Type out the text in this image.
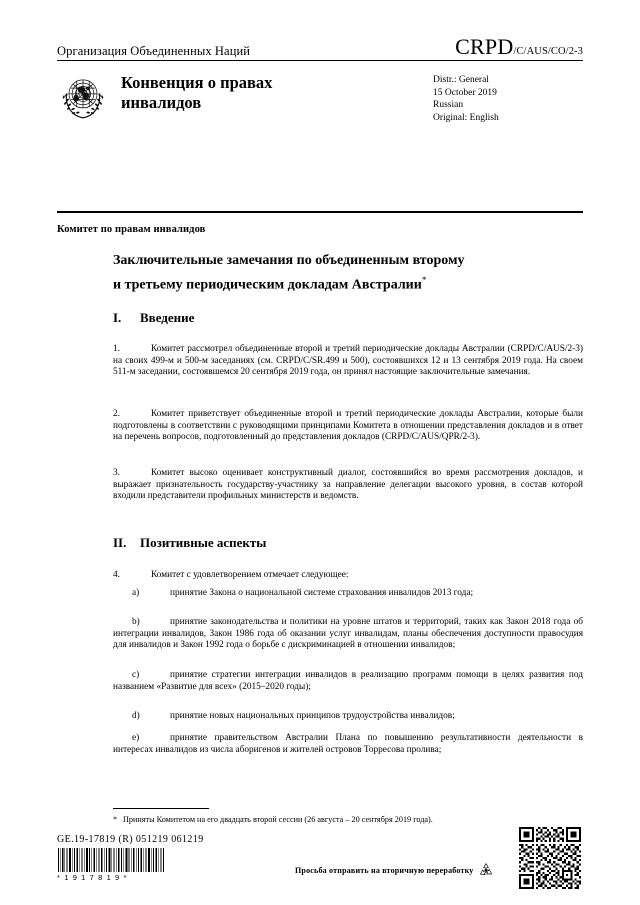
Организация Объединенных Наций	CRPD/C/AUS/CO/2-3
Конвенция о правах инвалидов
Distr.: General
15 October 2019
Russian
Original: English
Комитет по правам инвалидов
Заключительные замечания по объединенным второму
и третьему периодическим докладам Австралии*
I.	Введение
1.	Комитет рассмотрел объединенные второй и третий периодические доклады Австралии (CRPD/C/AUS/2-3) на своих 499-м и 500-м заседаниях (см. CRPD/C/SR.499 и 500), состоявшихся 12 и 13 сентября 2019 года. На своем 511-м заседании, состоявшемся 20 сентября 2019 года, он принял настоящие заключительные замечания.
2.	Комитет приветствует объединенные второй и третий периодические доклады Австралии, которые были подготовлены в соответствии с руководящими принципами Комитета в отношении представления докладов и в ответ на перечень вопросов, подготовленный до представления докладов (CRPD/C/AUS/QPR/2-3).
3.	Комитет высоко оценивает конструктивный диалог, состоявшийся во время рассмотрения докладов, и выражает признательность государству-участнику за направление делегации высокого уровня, в состав которой входили представители профильных министерств и ведомств.
II.	Позитивные аспекты
4.	Комитет с удовлетворением отмечает следующее:
a)	принятие Закона о национальной системе страхования инвалидов 2013 года;
b)	принятие законодательства и политики на уровне штатов и территорий, таких как Закон 2018 года об интеграции инвалидов, Закон 1986 года об оказании услуг инвалидам, планы обеспечения доступности правосудия для инвалидов и Закон 1992 года о борьбе с дискриминацией в отношении инвалидов;
c)	принятие стратегии интеграции инвалидов в реализацию программ помощи в целях развития под названием «Развитие для всех» (2015–2020 годы);
d)	принятие новых национальных принципов трудоустройства инвалидов;
e)	принятие правительством Австралии Плана по повышению результативности деятельности в интересах инвалидов из числа аборигенов и жителей островов Торресова пролива;
* Приняты Комитетом на его двадцать второй сессии (26 августа – 20 сентября 2019 года).
GE.19-17819 (R) 051219 061219
*1917819*
Просьба отправить на вторичную переработку
